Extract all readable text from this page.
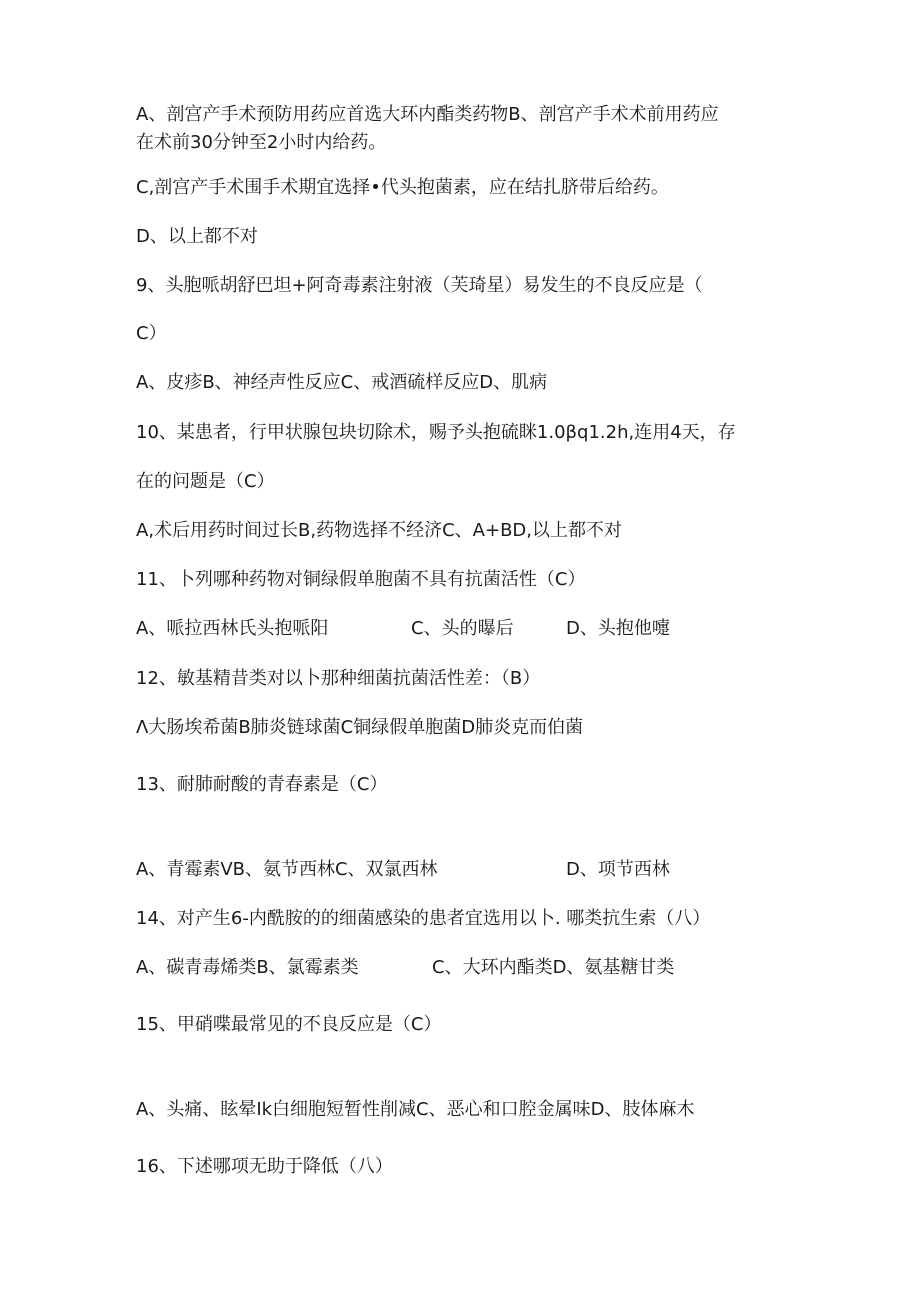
A、剖宫产手术预防用药应首选大环内酯类药物B、剖宫产手术术前用药应

在术前30分钟至2小时内给药。

C,剖宫产手术围手术期宜选择•代头抱菌素，应在结扎脐带后给药。

D、以上都不对

9、头胞哌胡舒巴坦+阿奇毒素注射液（芙琦星）易发生的不良反应是（

C）

A、皮疹B、神经声性反应C、戒酒硫样反应D、肌病

10、某患者，行甲状腺包块切除术，赐予头抱硫眯1.0βq1.2h,连用4天，存

在的问题是（C）

A,术后用药时间过长B,药物选择不经济C、A+BD,以上都不对

11、卜列哪种药物对铜绿假单胞菌不具有抗菌活性（C）

A、哌拉西林氏头抱哌阳	C、头的曝后	D、头抱他嚏

12、敏基精昔类对以卜那种细菌抗菌活性差：（B）

Λ大肠埃希菌B肺炎链球菌C铜绿假单胞菌D肺炎克而伯菌

13、耐肺耐酸的青春素是（C）

A、青霉素VB、氨节西林C、双氯西林	D、项节西林

14、对产生6-内酰胺的的细菌感染的患者宜选用以卜. 哪类抗生索（八）

A、碳青毒烯类B、氯霉素类	C、大环内酯类D、氨基糖甘类

15、甲硝喋最常见的不良反应是（C）

A、头痛、眩晕Ik白细胞短暂性削减C、恶心和口腔金属味D、肢体麻木

16、下述哪项无助于降低（八）
